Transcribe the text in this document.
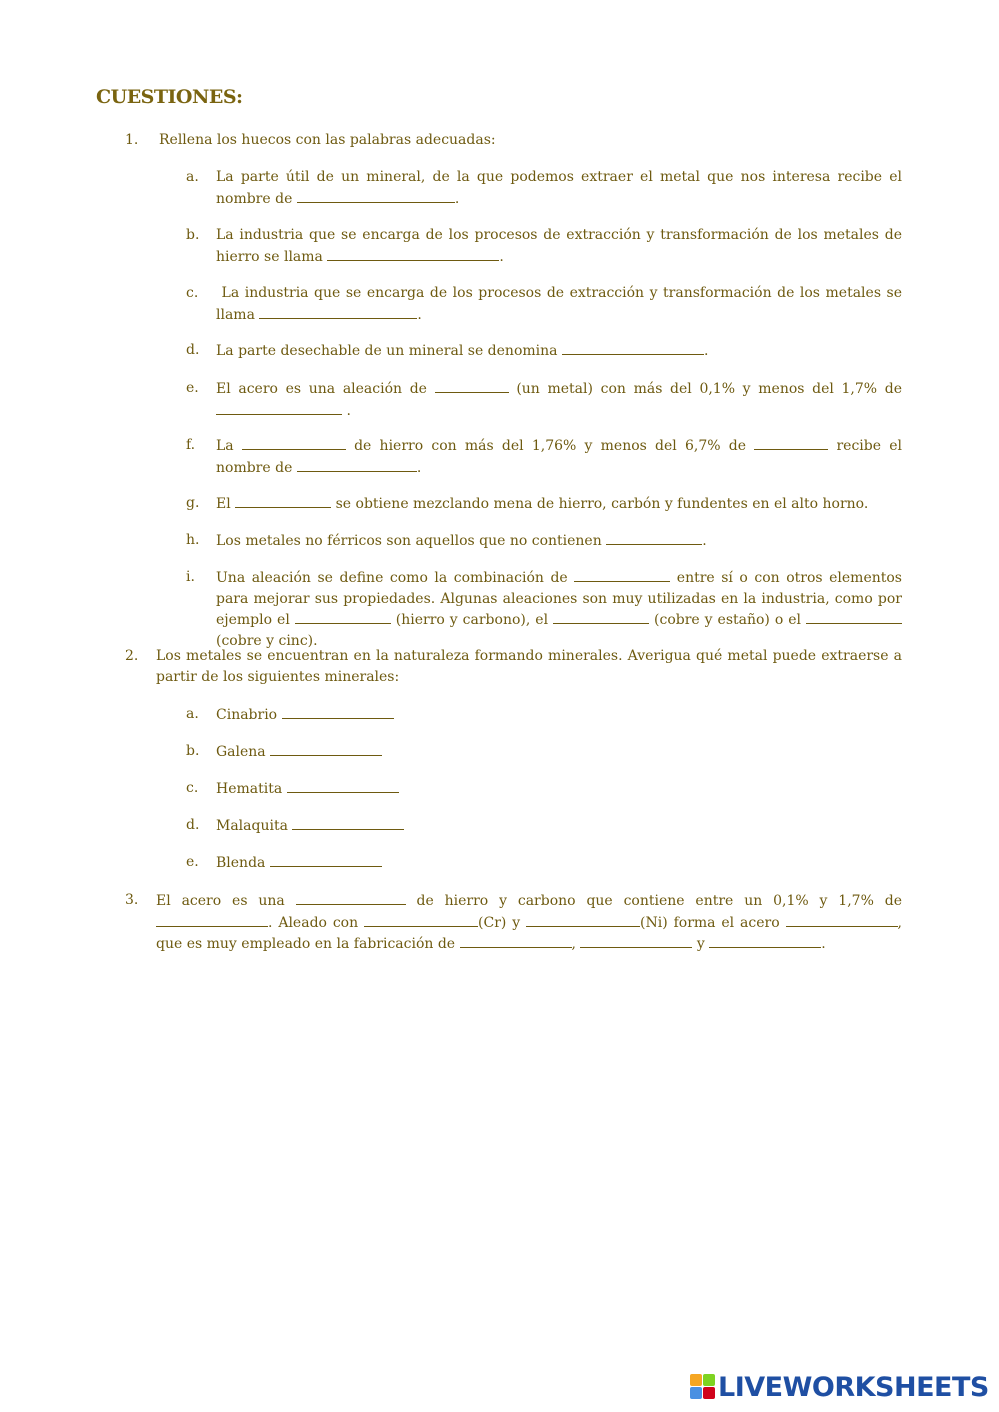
CUESTIONES:
1. Rellena los huecos con las palabras adecuadas:
a. La parte útil de un mineral, de la que podemos extraer el metal que nos interesa recibe el nombre de	.
b. La industria que se encarga de los procesos de extracción y transformación de los metales de hierro se llama	.
c.	La industria que se encarga de los procesos de extracción y transformación de los metales se llama	.
d. La parte desechable de un mineral se denomina	.
e. El acero es una aleación de	(un metal) con más del 0,1% y menos del 1,7% de  .
f. La	de hierro con más del 1,76% y menos del 6,7% de	recibe el nombre de	.
g. El	se obtiene mezclando mena de hierro, carbón y fundentes en el alto horno.
h. Los metales no férricos son aquellos que no contienen	.
i. Una aleación se define como la combinación de	entre sí o con otros elementos para mejorar sus propiedades. Algunas aleaciones son muy utilizadas en la industria, como por ejemplo el	(hierro y carbono), el	(cobre y estaño) o el  (cobre y cinc).
2. Los metales se encuentran en la naturaleza formando minerales. Averigua qué metal puede extraerse a partir de los siguientes minerales:
a. Cinabrio
b. Galena
c. Hematita
d. Malaquita
e. Blenda
3. El acero es una	de hierro y carbono que contiene entre un 0,1% y 1,7% de . Aleado con	(Cr) y	(Ni) forma el acero	, que es muy empleado en la fabricación de	,	y	.
LIVEWORKSHEETS
